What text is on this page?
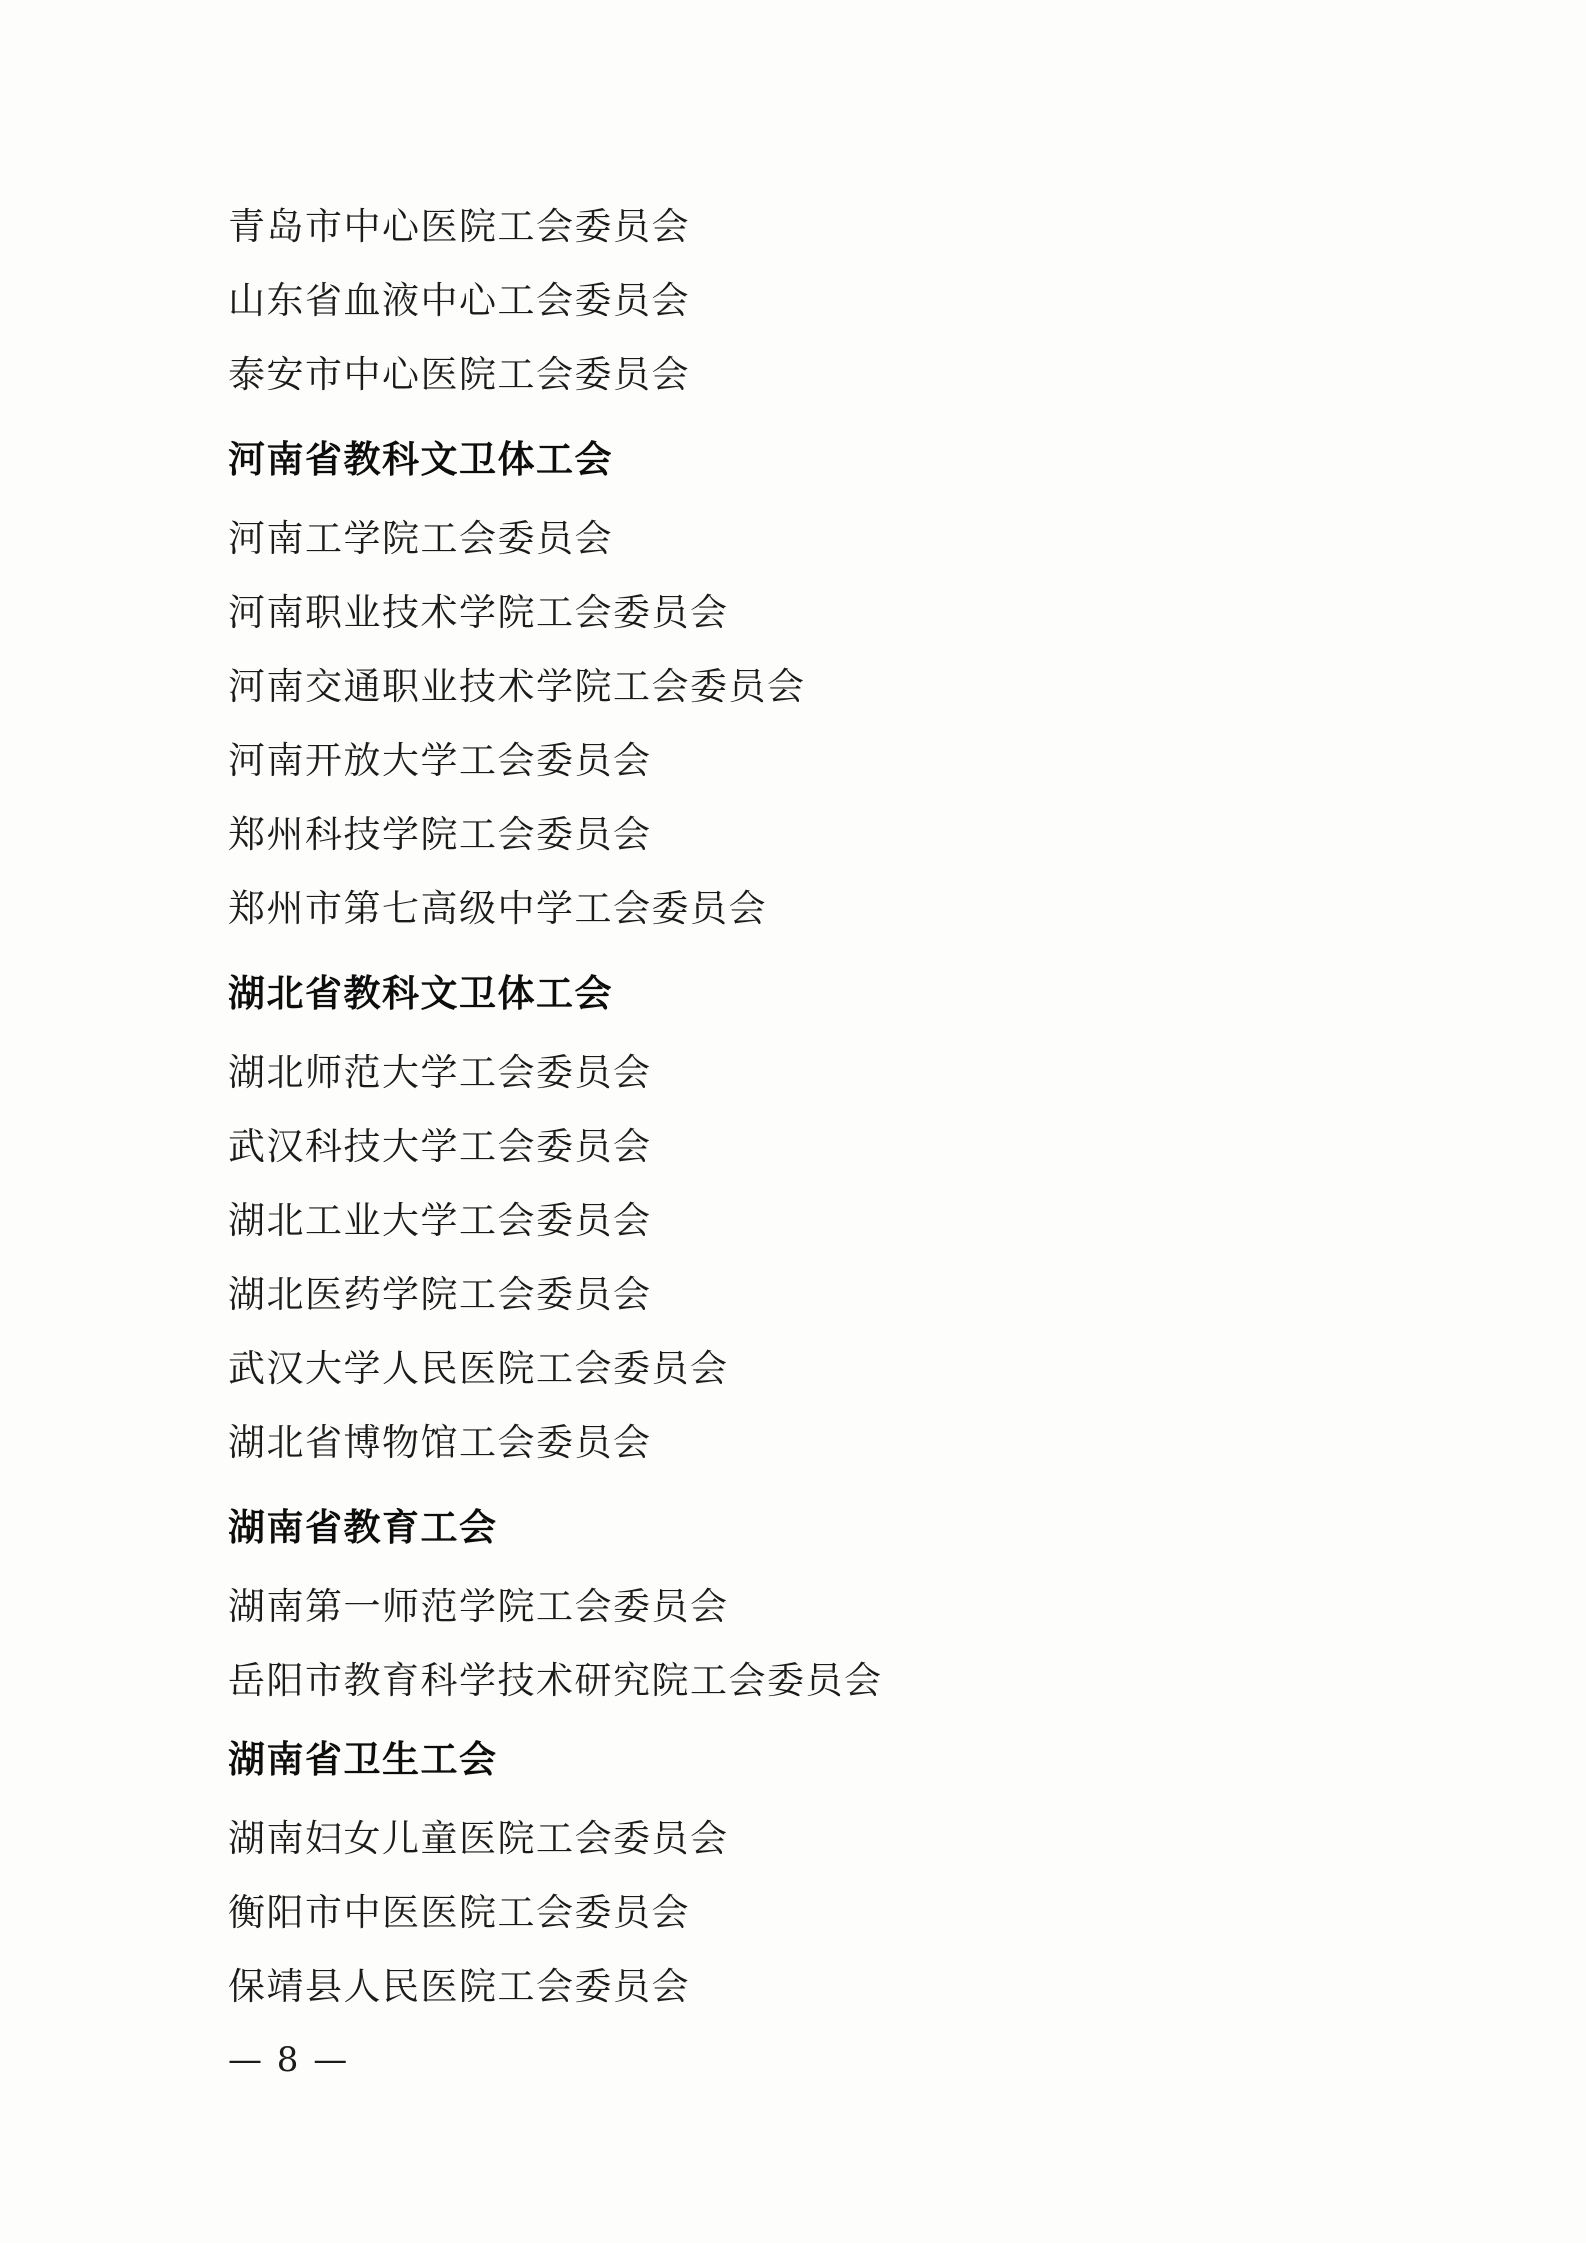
青岛市中心医院工会委员会
山东省血液中心工会委员会
泰安市中心医院工会委员会
河南省教科文卫体工会
河南工学院工会委员会
河南职业技术学院工会委员会
河南交通职业技术学院工会委员会
河南开放大学工会委员会
郑州科技学院工会委员会
郑州市第七高级中学工会委员会
湖北省教科文卫体工会
湖北师范大学工会委员会
武汉科技大学工会委员会
湖北工业大学工会委员会
湖北医药学院工会委员会
武汉大学人民医院工会委员会
湖北省博物馆工会委员会
湖南省教育工会
湖南第一师范学院工会委员会
岳阳市教育科学技术研究院工会委员会
湖南省卫生工会
湖南妇女儿童医院工会委员会
衡阳市中医医院工会委员会
保靖县人民医院工会委员会
— 8 —
